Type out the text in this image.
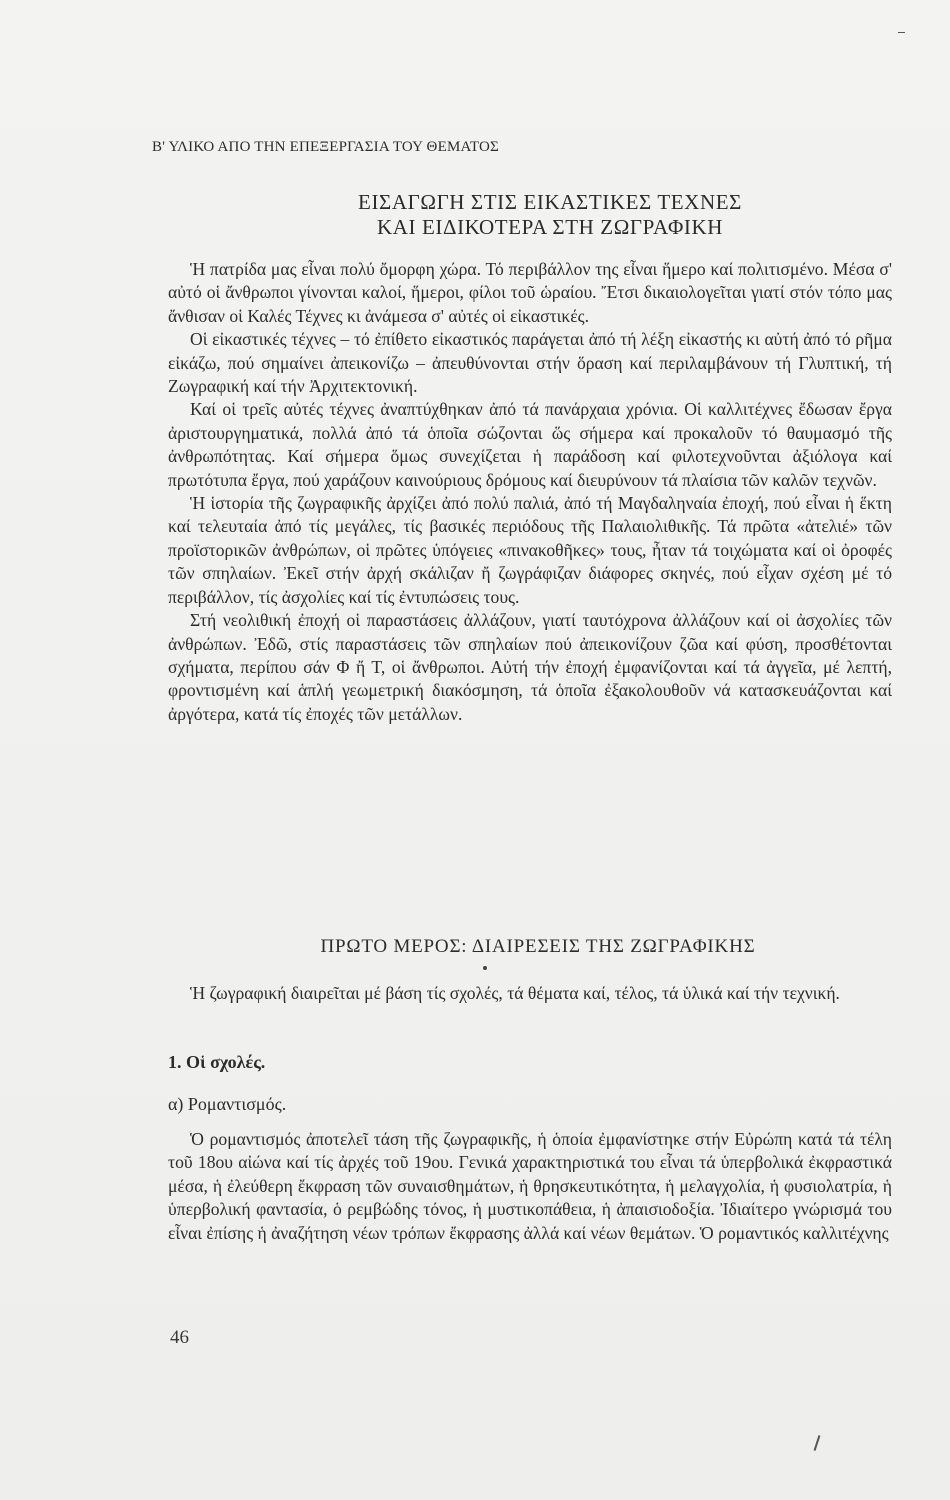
Β' ΥΛΙΚΟ ΑΠΟ ΤΗΝ ΕΠΕΞΕΡΓΑΣΙΑ ΤΟΥ ΘΕΜΑΤΟΣ
ΕΙΣΑΓΩΓΗ ΣΤΙΣ ΕΙΚΑΣΤΙΚΕΣ ΤΕΧΝΕΣ
ΚΑΙ ΕΙΔΙΚΟΤΕΡΑ ΣΤΗ ΖΩΓΡΑΦΙΚΗ

Ἡ πατρίδα μας εἶναι πολύ ὄμορφη χώρα. Τό περιβάλλον της εἶναι ἥμερο καί πολιτισμένο. Μέσα σ' αὐτό οἱ ἄνθρωποι γίνονται καλοί, ἥμεροι, φίλοι τοῦ ὡραίου. Ἔτσι δικαιολογεῖται γιατί στόν τόπο μας ἄνθισαν οἱ Καλές Τέχνες κι ἀνάμεσα σ' αὐτές οἱ εἰκαστικές.

Οἱ εἰκαστικές τέχνες – τό ἐπίθετο εἰκαστικός παράγεται ἀπό τή λέξη εἰκαστής κι αὐτή ἀπό τό ρῆμα εἰκάζω, πού σημαίνει ἀπεικονίζω – ἀπευθύνονται στήν ὅραση καί περιλαμβάνουν τή Γλυπτική, τή Ζωγραφική καί τήν Ἀρχιτεκτονική.

Καί οἱ τρεῖς αὐτές τέχνες ἀναπτύχθηκαν ἀπό τά πανάρχαια χρόνια. Οἱ καλλιτέχνες ἔδωσαν ἔργα ἀριστουργηματικά, πολλά ἀπό τά ὁποῖα σώζονται ὥς σήμερα καί προκαλοῦν τό θαυμασμό τῆς ἀνθρωπότητας. Καί σήμερα ὅμως συνεχίζεται ἡ παράδοση καί φιλοτεχνοῦνται ἀξιόλογα καί πρωτότυπα ἔργα, πού χαράζουν καινούριους δρόμους καί διευρύνουν τά πλαίσια τῶν καλῶν τεχνῶν.

Ἡ ἱστορία τῆς ζωγραφικῆς ἀρχίζει ἀπό πολύ παλιά, ἀπό τή Μαγδαληναία ἐποχή, πού εἶναι ἡ ἕκτη καί τελευταία ἀπό τίς μεγάλες, τίς βασικές περιόδους τῆς Παλαιολιθικῆς. Τά πρῶτα «ἀτελιέ» τῶν προϊστορικῶν ἀνθρώπων, οἱ πρῶτες ὑπόγειες «πινακοθῆκες» τους, ἦταν τά τοιχώματα καί οἱ ὀροφές τῶν σπηλαίων. Ἐκεῖ στήν ἀρχή σκάλιζαν ἤ ζωγράφιζαν διάφορες σκηνές, πού εἶχαν σχέση μέ τό περιβάλλον, τίς ἀσχολίες καί τίς ἐντυπώσεις τους.

Στή νεολιθική ἐποχή οἱ παραστάσεις ἀλλάζουν, γιατί ταυτόχρονα ἀλλάζουν καί οἱ ἀσχολίες τῶν ἀνθρώπων. Ἐδῶ, στίς παραστάσεις τῶν σπηλαίων πού ἀπεικονίζουν ζῶα καί φύση, προσθέτονται σχήματα, περίπου σάν Φ ἤ Τ, οἱ ἄνθρωποι. Αὐτή τήν ἐποχή ἐμφανίζονται καί τά ἀγγεῖα, μέ λεπτή, φροντισμένη καί ἁπλή γεωμετρική διακόσμηση, τά ὁποῖα ἐξακολουθοῦν νά κατασκευάζονται καί ἀργότερα, κατά τίς ἐποχές τῶν μετάλλων.

ΠΡΩΤΟ ΜΕΡΟΣ: ΔΙΑΙΡΕΣΕΙΣ ΤΗΣ ΖΩΓΡΑΦΙΚΗΣ

Ἡ ζωγραφική διαιρεῖται μέ βάση τίς σχολές, τά θέματα καί, τέλος, τά ὑλικά καί τήν τεχνική.

1. Οἱ σχολές.
α) Ρομαντισμός.

Ὁ ρομαντισμός ἀποτελεῖ τάση τῆς ζωγραφικῆς, ἡ ὁποία ἐμφανίστηκε στήν Εὐρώπη κατά τά τέλη τοῦ 18ου αἰώνα καί τίς ἀρχές τοῦ 19ου. Γενικά χαρακτηριστικά του εἶναι τά ὑπερβολικά ἐκφραστικά μέσα, ἡ ἐλεύθερη ἔκφραση τῶν συναισθημάτων, ἡ θρησκευτικότητα, ἡ μελαγχολία, ἡ φυσιολατρία, ἡ ὑπερβολική φαντασία, ὁ ρεμβώδης τόνος, ἡ μυστικοπάθεια, ἡ ἀπαισιοδοξία. Ἰδιαίτερο γνώρισμά του εἶναι ἐπίσης ἡ ἀναζήτηση νέων τρόπων ἔκφρασης ἀλλά καί νέων θεμάτων. Ὁ ρομαντικός καλλιτέχνης

46
